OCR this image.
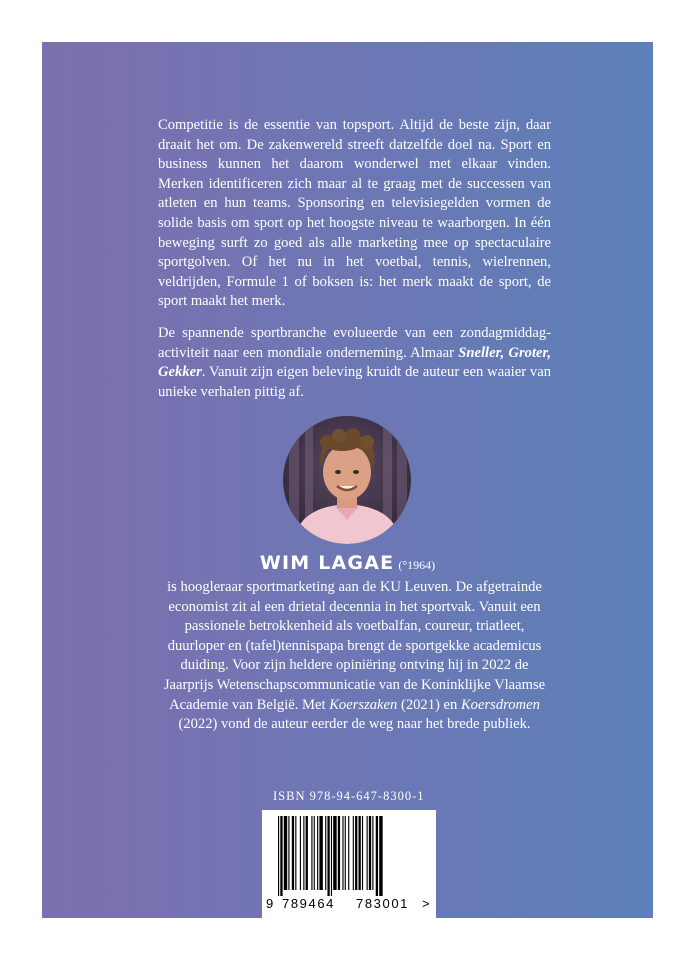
Competitie is de essentie van topsport. Altijd de beste zijn, daar draait het om. De zakenwereld streeft datzelfde doel na. Sport en business kunnen het daarom wonderwel met elkaar vinden. Merken identificeren zich maar al te graag met de successen van atleten en hun teams. Sponsoring en televisiegelden vormen de solide basis om sport op het hoogste niveau te waarborgen. In één beweging surft zo goed als alle marketing mee op spectaculaire sportgolven. Of het nu in het voetbal, tennis, wielrennen, veldrijden, Formule 1 of boksen is: het merk maakt de sport, de sport maakt het merk.

De spannende sportbranche evolueerde van een zondagmiddagactiviteit naar een mondiale onderneming. Almaar Sneller, Groter, Gekker. Vanuit zijn eigen beleving kruidt de auteur een waaier van unieke verhalen pittig af.

WIM LAGAE (°1964)
is hoogleraar sportmarketing aan de KU Leuven. De afgetrainde economist zit al een drietal decennia in het sportvak. Vanuit een passionele betrokkenheid als voetbalfan, coureur, triatleet, duurloper en (tafel)tennispapa brengt de sportgekke academicus duiding. Voor zijn heldere opiniëring ontving hij in 2022 de Jaarprijs Wetenschapscommunicatie van de Koninklijke Vlaamse Academie van België. Met Koerszaken (2021) en Koersdromen (2022) vond de auteur eerder de weg naar het brede publiek.
ISBN 978-94-647-8300-1
9 789464 783001 >
